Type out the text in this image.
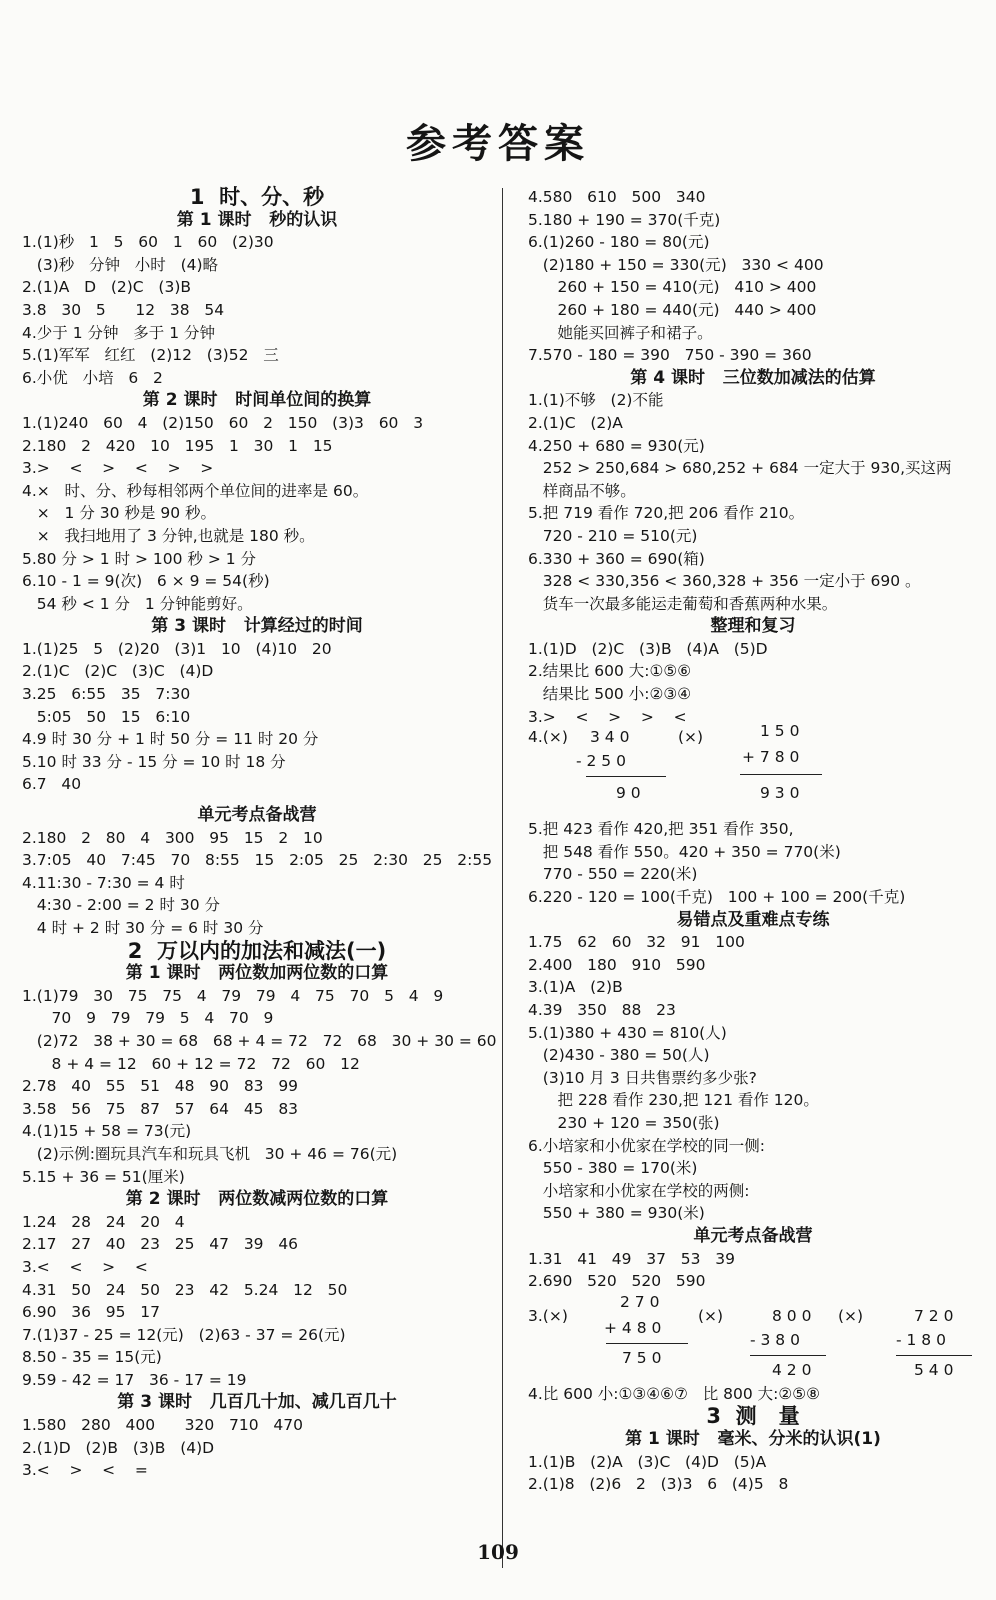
参考答案
1  时、分、秒
第 1 课时   秒的认识
1.(1)秒   1   5   60   1   60   (2)30
(3)秒   分钟   小时   (4)略
2.(1)A   D   (2)C   (3)B
3.8   30   5      12   38   54
4.少于 1 分钟   多于 1 分钟
5.(1)军军   红红   (2)12   (3)52   三
6.小优   小培   6   2
第 2 课时   时间单位间的换算
1.(1)240   60   4   (2)150   60   2   150   (3)3   60   3
2.180   2   420   10   195   1   30   1   15
3.>    <    >    <    >    >
4.×   时、分、秒每相邻两个单位间的进率是 60。
×   1 分 30 秒是 90 秒。
×   我扫地用了 3 分钟,也就是 180 秒。
5.80 分 > 1 时 > 100 秒 > 1 分
6.10 - 1 = 9(次)   6 × 9 = 54(秒)
54 秒 < 1 分   1 分钟能剪好。
第 3 课时   计算经过的时间
1.(1)25   5   (2)20   (3)1   10   (4)10   20
2.(1)C   (2)C   (3)C   (4)D
3.25   6:55   35   7:30
5:05   50   15   6:10
4.9 时 30 分 + 1 时 50 分 = 11 时 20 分
5.10 时 33 分 - 15 分 = 10 时 18 分
6.7   40
单元考点备战营
2.180   2   80   4   300   95   15   2   10
3.7:05   40   7:45   70   8:55   15   2:05   25   2:30   25   2:55
4.11:30 - 7:30 = 4 时
4:30 - 2:00 = 2 时 30 分
4 时 + 2 时 30 分 = 6 时 30 分
2  万以内的加法和减法(一)
第 1 课时   两位数加两位数的口算
1.(1)79   30   75   75   4   79   79   4   75   70   5   4   9
70   9   79   79   5   4   70   9
(2)72   38 + 30 = 68   68 + 4 = 72   72   68   30 + 30 = 60
8 + 4 = 12   60 + 12 = 72   72   60   12
2.78   40   55   51   48   90   83   99
3.58   56   75   87   57   64   45   83
4.(1)15 + 58 = 73(元)
(2)示例:圈玩具汽车和玩具飞机   30 + 46 = 76(元)
5.15 + 36 = 51(厘米)
第 2 课时   两位数减两位数的口算
1.24   28   24   20   4
2.17   27   40   23   25   47   39   46
3.<    <    >    <
4.31   50   24   50   23   42   5.24   12   50
6.90   36   95   17
7.(1)37 - 25 = 12(元)   (2)63 - 37 = 26(元)
8.50 - 35 = 15(元)
9.59 - 42 = 17   36 - 17 = 19
第 3 课时   几百几十加、减几百几十
1.580   280   400      320   710   470
2.(1)D   (2)B   (3)B   (4)D
3.<    >    <    =
4.580   610   500   340
5.180 + 190 = 370(千克)
6.(1)260 - 180 = 80(元)
(2)180 + 150 = 330(元)   330 < 400
260 + 150 = 410(元)   410 > 400
260 + 180 = 440(元)   440 > 400
她能买回裤子和裙子。
7.570 - 180 = 390   750 - 390 = 360
第 4 课时   三位数加减法的估算
1.(1)不够   (2)不能
2.(1)C   (2)A
4.250 + 680 = 930(元)
252 > 250,684 > 680,252 + 684 一定大于 930,买这两
样商品不够。
5.把 719 看作 720,把 206 看作 210。
720 - 210 = 510(元)
6.330 + 360 = 690(箱)
328 < 330,356 < 360,328 + 356 一定小于 690 。
货车一次最多能运走葡萄和香蕉两种水果。
整理和复习
1.(1)D   (2)C   (3)B   (4)A   (5)D
2.结果比 600 大:①⑤⑥
结果比 500 小:②③④
3.>    <    >    >    <
4.(×) 3 4 0
- 2 5 0
9 0
(×)	1 5 0
+ 7 8 0
9 3 0
5.把 423 看作 420,把 351 看作 350,
把 548 看作 550。420 + 350 = 770(米)
770 - 550 = 220(米)
6.220 - 120 = 100(千克)   100 + 100 = 200(千克)
易错点及重难点专练
1.75   62   60   32   91   100
2.400   180   910   590
3.(1)A   (2)B
4.39   350   88   23
5.(1)380 + 430 = 810(人)
(2)430 - 380 = 50(人)
(3)10 月 3 日共售票约多少张?
把 228 看作 230,把 121 看作 120。
230 + 120 = 350(张)
6.小培家和小优家在学校的同一侧:
550 - 380 = 170(米)
小培家和小优家在学校的两侧:
550 + 380 = 930(米)
单元考点备战营
1.31   41   49   37   53   39
2.690   520   520   590
3.(×)
2 7 0
+ 4 8 0
7 5 0
(×)	8 0 0
- 3 8 0
4 2 0
(×)	7 2 0
- 1 8 0
5 4 0
4.比 600 小:①③④⑥⑦   比 800 大:②⑤⑧
3  测   量
第 1 课时   毫米、分米的认识(1)
1.(1)B   (2)A   (3)C   (4)D   (5)A
2.(1)8   (2)6   2   (3)3   6   (4)5   8
109
